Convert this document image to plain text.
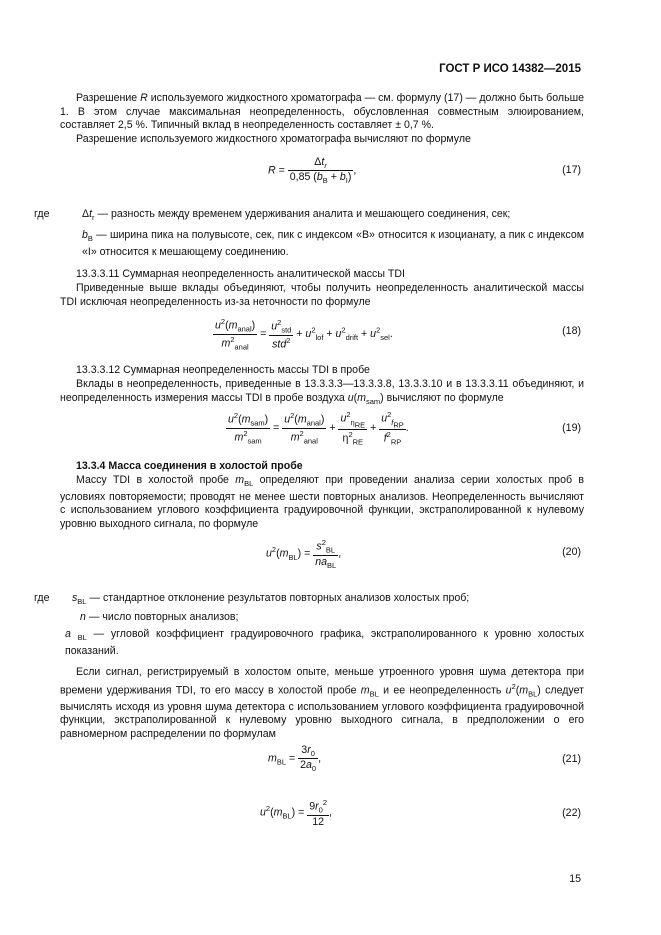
ГОСТ Р ИСО 14382—2015
Разрешение R используемого жидкостного хроматографа — см. формулу (17) — должно быть больше 1. В этом случае максимальная неопределенность, обусловленная совместным элюированием, составляет 2,5 %. Типичный вклад в неопределенность составляет ± 0,7 %.
Разрешение используемого жидкостного хроматографа вычисляют по формуле
$R = \frac{\Delta t_r}{0,85 (b_B + b_I)}$ ,	(17)
где	$\Delta t_r$ — разность между временем удерживания аналита и мешающего соединения, сек;
$b_B$ — ширина пика на полувысоте, сек, пик с индексом «B» относится к изоцианату, а пик с индексом «I» относится к мешающему соединению.
13.3.3.11 Суммарная неопределенность аналитической массы TDI
Приведенные выше вклады объединяют, чтобы получить неопределенность аналитической массы TDI исключая неопределенность из-за неточности по формуле
$\frac{u^2(m_{anal})}{m^2_{anal}} = \frac{u^2_{std}}{std^2} + u^2_{lof} + u^2_{drift} + u^2_{sel}$.	(18)
13.3.3.12 Суммарная неопределенность массы TDI в пробе
Вклады в неопределенность, приведенные в 13.3.3.3—13.3.3.8, 13.3.3.10 и в 13.3.3.11 объединяют, и неопределенность измерения массы TDI в пробе воздуха $u(m_{sam})$ вычисляют по формуле
$\frac{u^2(m_{sam})}{m^2_{sam}} = \frac{u^2(m_{anal})}{m^2_{anal}} + \frac{u^2_{\eta_{RE}}}{\eta^2_{RE}} + \frac{u^2_{f_{RP}}}{f^2_{RP}}$ .	(19)
13.3.4 Масса соединения в холостой пробе
Массу TDI в холостой пробе $m_{BL}$ определяют при проведении анализа серии холостых проб в условиях повторяемости; проводят не менее шести повторных анализов. Неопределенность вычисляют с использованием углового коэффициента градуировочной функции, экстраполированной к нулевому уровню выходного сигнала, по формуле
$u^2(m_{BL}) = \frac{s^2_{BL}}{na_{BL}}$ ,	(20)
где $s_{BL}$ — стандартное отклонение результатов повторных анализов холостых проб;
n — число повторных анализов;
a $_{BL}$ — угловой коэффициент градуировочного графика, экстраполированного к уровню холостых показаний.
Если сигнал, регистрируемый в холостом опыте, меньше утроенного уровня шума детектора при времени удерживания TDI, то его массу в холостой пробе $m_{BL}$ и ее неопределенность $u^2(m_{BL})$ следует вычислять исходя из уровня шума детектора с использованием углового коэффициента градуировочной функции, экстраполированной к нулевому уровню выходного сигнала, в предположении о его равномерном распределении по формулам
$m_{BL} = \frac{3r_0}{2a_0}$ ,	(21)
$u^2(m_{BL}) = \frac{9r_0^2}{12}$ ,	(22)
15
